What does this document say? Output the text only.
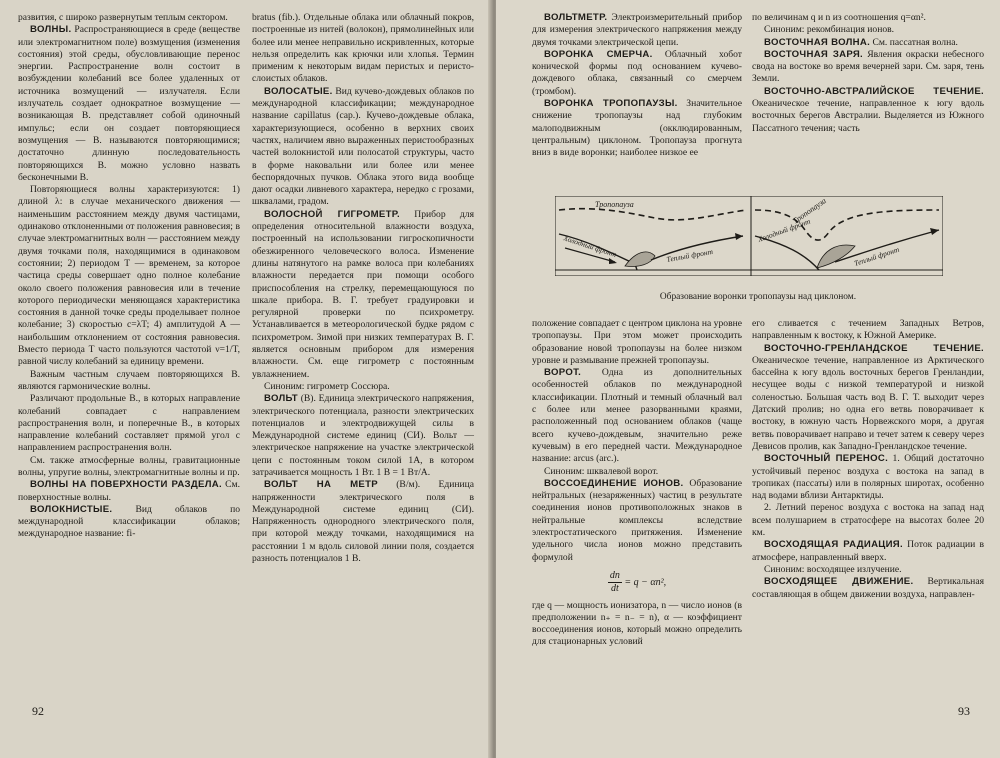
развития, с широко развернутым теплым сектором.

ВОЛНЫ. Распространяющиеся в среде (веществе или электромагнитном поле) возмущения (изменения состояния) этой среды, обусловливающие перенос энергии. Распространение волн состоит в возбуждении колебаний все более удаленных от источника возмущений — излучателя. Если излучатель создает однократное возмущение — возникающая В. представляет собой одиночный импульс; если он создает повторяющиеся возмущения — В. называются повторяющимися; достаточно длинную последовательность повторяющихся В. можно условно назвать бесконечными В.

Повторяющиеся волны характеризуются: 1) длиной λ: в случае механического движения — наименьшим расстоянием между двумя частицами, одинаково отклоненными от положения равновесия; в случае электромагнитных волн — расстоянием между двумя точками поля, находящимися в одинаковом состоянии; 2) периодом T — временем, за которое частица среды совершает одно полное колебание около своего положения равновесия или в течение которого периодически меняющаяся характеристика состояния в данной точке среды проделывает полное колебание; 3) скоростью c=λT; 4) амплитудой A — наибольшим отклонением от состояния равновесия. Вместо периода T часто пользуются частотой ν=1/T, равной числу колебаний за единицу времени.

Важным частным случаем повторяющихся В. являются гармонические волны.

Различают продольные В., в которых направление колебаний совпадает с направлением распространения волн, и поперечные В., в которых направление колебаний составляет прямой угол с направлением распространения волн.

См. также атмосферные волны, гравитационные волны, упругие волны, электромагнитные волны и пр.

ВОЛНЫ НА ПОВЕРХНОСТИ РАЗДЕЛА. См. поверхностные волны.

ВОЛОКНИСТЫЕ. Вид облаков по международной классификации облаков; международное название: fi-

bratus (fib.). Отдельные облака или облачный покров, построенные из нитей (волокон), прямолинейных или более или менее неправильно искривленных, которые нельзя определить как крючки или хлопья. Термин применим к некоторым видам перистых и перисто-слоистых облаков.

ВОЛОСАТЫЕ. Вид кучево-дождевых облаков по международной классификации; международное название capillatus (cap.). Кучево-дождевые облака, характеризующиеся, особенно в верхних своих частях, наличием явно выраженных перистообразных частей волокнистой или полосатой структуры, часто в форме наковальни или более или менее беспорядочных пучков. Облака этого вида вообще дают осадки ливневого характера, нередко с грозами, шквалами, градом.

ВОЛОСНОЙ ГИГРОМЕТР. Прибор для определения относительной влажности воздуха, построенный на использовании гигроскопичности обезжиренного человеческого волоса. Изменение длины натянутого на рамке волоса при колебаниях влажности передается при помощи особого приспособления на стрелку, перемещающуюся по шкале прибора. В. Г. требует градуировки и регулярной проверки по психрометру. Устанавливается в метеорологической будке рядом с психрометром. Зимой при низких температурах В. Г. является основным прибором для измерения влажности. См. еще гигрометр с постоянным увлажнением.

Синоним: гигрометр Соссюра.

ВОЛЬТ (В). Единица электрического напряжения, электрического потенциала, разности электрических потенциалов и электродвижущей силы в Международной системе единиц (СИ). Вольт — электрическое напряжение на участке электрической цепи с постоянным током силой 1А, в котором затрачивается мощность 1 Вт. 1 В = 1 Вт/А.

ВОЛЬТ НА МЕТР (В/м). Единица напряженности электрического поля в Международной системе единиц (СИ). Напряженность однородного электрического поля, при которой между точками, находящимися на расстоянии 1 м вдоль силовой линии поля, создается разность потенциалов 1 В.

92

ВОЛЬТМЕТР. Электроизмерительный прибор для измерения электрического напряжения между двумя точками электрической цепи.

ВОРОНКА СМЕРЧА. Облачный хобот конической формы под основанием кучево-дождевого облака, связанный со смерчем (тромбом).

ВОРОНКА ТРОПОПАУЗЫ. Значительное снижение тропопаузы над глубоким малоподвижным (окклюдированным, центральным) циклоном. Тропопауза прогнута вниз в виде воронки; наиболее низкое ее

по величинам q и n из соотношения q=αn².

Синоним: рекомбинация ионов.

ВОСТОЧНАЯ ВОЛНА. См. пассатная волна.

ВОСТОЧНАЯ ЗАРЯ. Явления окраски небесного свода на востоке во время вечерней зари. См. заря, тень Земли.

ВОСТОЧНО-АВСТРАЛИЙСКОЕ ТЕЧЕНИЕ. Океаническое течение, направленное к югу вдоль восточных берегов Австралии. Выделяется из Южного Пассатного течения; часть

Тропопауза	Тропопауза
Холодный фронт	Теплый фронт
Холодный фронт
Теплый фронт
Образование воронки тропопаузы над циклоном.

положение совпадает с центром циклона на уровне тропопаузы. При этом может происходить образование новой тропопаузы на более низком уровне и размывание прежней тропопаузы.

ВОРОТ. Одна из дополнительных особенностей облаков по международной классификации. Плотный и темный облачный вал с более или менее разорванными краями, расположенный под основанием облаков (чаще всего кучево-дождевым, значительно реже кучевым) в его передней части. Международное название: arcus (arc.).

Синоним: шквалевой ворот.

ВОССОЕДИНЕНИЕ ИОНОВ. Образование нейтральных (незаряженных) частиц в результате соединения ионов противоположных знаков в нейтральные комплексы вследствие электростатического притяжения. Изменение удельного числа ионов можно представить формулой

$\frac{dn}{dt} = q - \alpha n^2$,

где q — мощность ионизатора, n — число ионов (в предположении n₊ = n₋ = n), α — коэффициент воссоединения ионов, который можно определить для стационарных условий

его сливается с течением Западных Ветров, направленным к востоку, к Южной Америке.

ВОСТОЧНО-ГРЕНЛАНДСКОЕ ТЕЧЕНИЕ. Океаническое течение, направленное из Арктического бассейна к югу вдоль восточных берегов Гренландии, несущее воды с низкой температурой и низкой соленостью. Большая часть вод В. Г. Т. выходит через Датский пролив; но одна его ветвь поворачивает к востоку, в южную часть Норвежского моря, а другая ветвь поворачивает направо и течет затем к северу через Девисов пролив, как Западно-Гренландское течение.

ВОСТОЧНЫЙ ПЕРЕНОС. 1. Общий достаточно устойчивый перенос воздуха с востока на запад в тропиках (пассаты) или в полярных широтах, особенно над водами вблизи Антарктиды.

2. Летний перенос воздуха с востока на запад над всем полушарием в стратосфере на высотах более 20 км.

ВОСХОДЯЩАЯ РАДИАЦИЯ. Поток радиации в атмосфере, направленный вверх.

Синоним: восходящее излучение.

ВОСХОДЯЩЕЕ ДВИЖЕНИЕ. Вертикальная составляющая в общем движении воздуха, направлен-

93
